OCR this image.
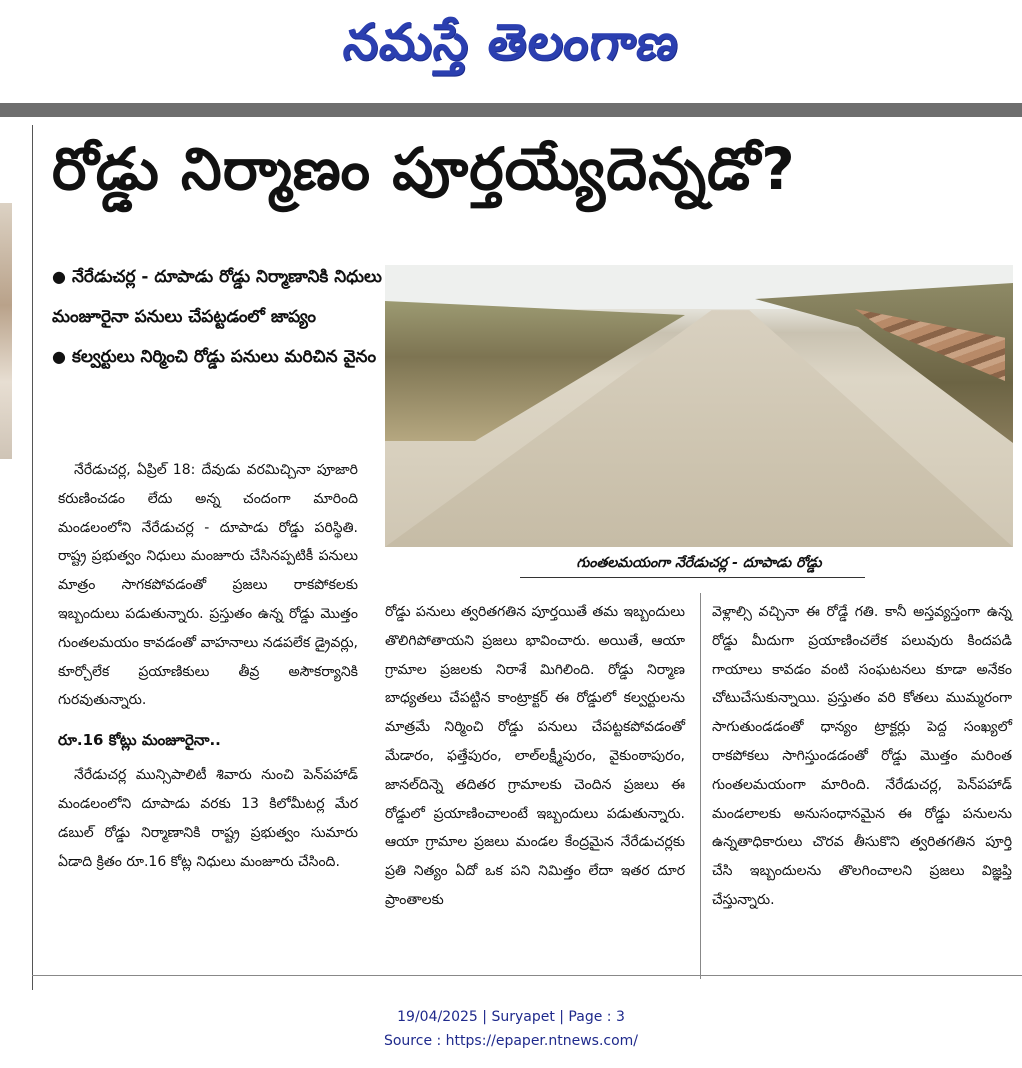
నమస్తే తెలంగాణ
రోడ్డు నిర్మాణం పూర్తయ్యేదెన్నడో?

● నేరేడుచర్ల - దూపాడు రోడ్డు నిర్మాణానికి నిధులు మంజూరైనా పనులు చేపట్టడంలో జాప్యం

● కల్వర్టులు నిర్మించి రోడ్డు పనులు మరిచిన వైనం

నేరేడుచర్ల, ఏప్రిల్ 18: దేవుడు వరమిచ్చినా పూజారి కరుణించడం లేదు అన్న చందంగా మారింది మండలంలోని నేరేడుచర్ల - దూపాడు రోడ్డు పరిస్థితి. రాష్ట్ర ప్రభుత్వం నిధులు మంజూరు చేసినప్పటికీ పనులు మాత్రం సాగకపోవడంతో ప్రజలు రాకపోకలకు ఇబ్బందులు పడుతున్నారు. ప్రస్తుతం ఉన్న రోడ్డు మొత్తం గుంతలమయం కావడంతో వాహనాలు నడపలేక డ్రైవర్లు, కూర్చోలేక ప్రయాణికులు తీవ్ర అసౌకర్యానికి గురవుతున్నారు.

రూ.16 కోట్లు మంజూరైనా..

నేరేడుచర్ల మున్సిపాలిటీ శివారు నుంచి పెన్‌పహాడ్ మండలంలోని దూపాడు వరకు 13 కిలోమీటర్ల మేర డబుల్ రోడ్డు నిర్మాణానికి రాష్ట్ర ప్రభుత్వం సుమారు ఏడాది క్రితం రూ.16 కోట్ల నిధులు మంజూరు చేసింది.

గుంతలమయంగా నేరేడుచర్ల - దూపాడు రోడ్డు

రోడ్డు పనులు త్వరితగతిన పూర్తయితే తమ ఇబ్బందులు తొలిగిపోతాయని ప్రజలు భావించారు. అయితే, ఆయా గ్రామాల ప్రజలకు నిరాశే మిగిలింది. రోడ్డు నిర్మాణ బాధ్యతలు చేపట్టిన కాంట్రాక్టర్ ఈ రోడ్డులో కల్వర్టులను మాత్రమే నిర్మించి రోడ్డు పనులు చేపట్టకపోవడంతో మేడారం, ఫత్తేపురం, లాల్‌లక్ష్మీపురం, వైకుంఠాపురం, జానల్‌దిన్నె తదితర గ్రామాలకు చెందిన ప్రజలు ఈ రోడ్డులో ప్రయాణించాలంటే ఇబ్బందులు పడుతున్నారు. ఆయా గ్రామాల ప్రజలు మండల కేంద్రమైన నేరేడుచర్లకు ప్రతి నిత్యం ఏదో ఒక పని నిమిత్తం లేదా ఇతర దూర ప్రాంతాలకు

వెళ్లాల్సి వచ్చినా ఈ రోడ్డే గతి. కానీ అస్తవ్యస్తంగా ఉన్న రోడ్డు మీదుగా ప్రయాణించలేక పలువురు కిందపడి గాయాలు కావడం వంటి సంఘటనలు కూడా అనేకం చోటుచేసుకున్నాయి. ప్రస్తుతం వరి కోతలు ముమ్మరంగా సాగుతుండడంతో ధాన్యం ట్రాక్టర్లు పెద్ద సంఖ్యలో రాకపోకలు సాగిస్తుండడంతో రోడ్డు మొత్తం మరింత గుంతలమయంగా మారింది. నేరేడుచర్ల, పెన్‌పహాడ్ మండలాలకు అనుసంధానమైన ఈ రోడ్డు పనులను ఉన్నతాధికారులు చొరవ తీసుకొని త్వరితగతిన పూర్తి చేసి ఇబ్బందులను తొలగించాలని ప్రజలు విజ్ఞప్తి చేస్తున్నారు.

19/04/2025 | Suryapet | Page : 3
Source : https://epaper.ntnews.com/
